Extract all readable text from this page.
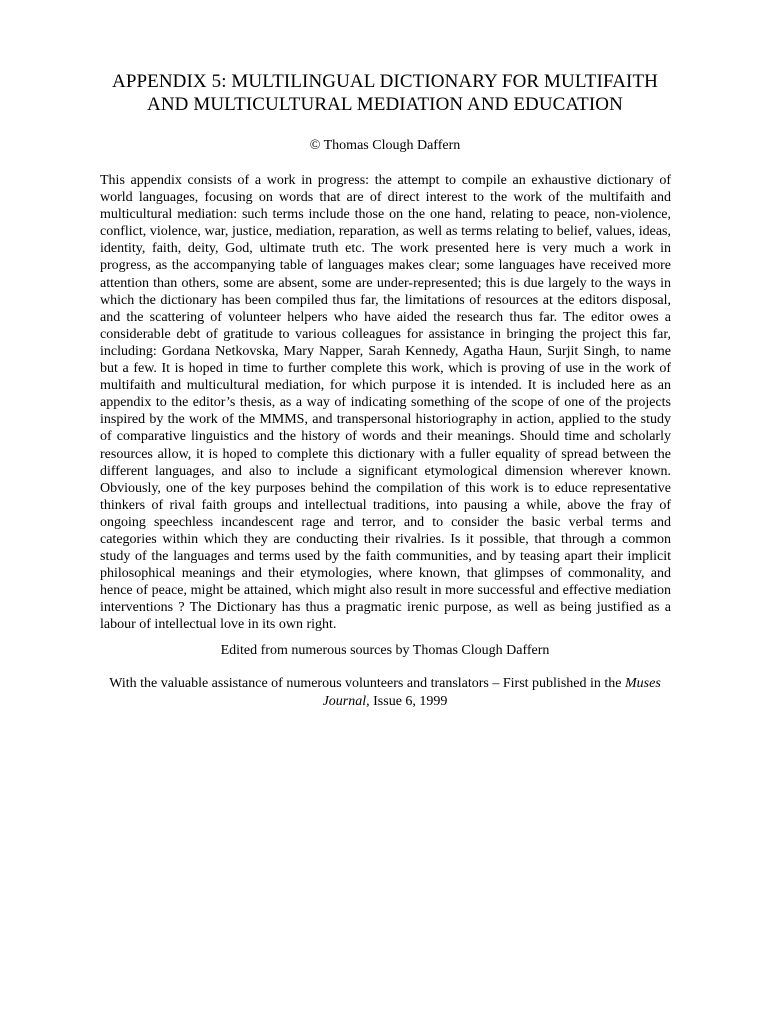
APPENDIX 5: MULTILINGUAL DICTIONARY FOR MULTIFAITH AND MULTICULTURAL MEDIATION AND EDUCATION
© Thomas Clough Daffern
This appendix consists of a work in progress: the attempt to compile an exhaustive dictionary of world languages, focusing on words that are of direct interest to the work of the multifaith and multicultural mediation: such terms include those on the one hand, relating to peace, non-violence, conflict, violence, war, justice, mediation, reparation, as well as terms relating to belief, values, ideas, identity, faith, deity, God, ultimate truth etc. The work presented here is very much a work in progress, as the accompanying table of languages makes clear; some languages have received more attention than others, some are absent, some are under-represented; this is due largely to the ways in which the dictionary has been compiled thus far, the limitations of resources at the editors disposal, and the scattering of volunteer helpers who have aided the research thus far. The editor owes a considerable debt of gratitude to various colleagues for assistance in bringing the project this far, including: Gordana Netkovska, Mary Napper, Sarah Kennedy, Agatha Haun, Surjit Singh, to name but a few. It is hoped in time to further complete this work, which is proving of use in the work of multifaith and multicultural mediation, for which purpose it is intended. It is included here as an appendix to the editor’s thesis, as a way of indicating something of the scope of one of the projects inspired by the work of the MMMS, and transpersonal historiography in action, applied to the study of comparative linguistics and the history of words and their meanings. Should time and scholarly resources allow, it is hoped to complete this dictionary with a fuller equality of spread between the different languages, and also to include a significant etymological dimension wherever known. Obviously, one of the key purposes behind the compilation of this work is to educe representative thinkers of rival faith groups and intellectual traditions, into pausing a while, above the fray of ongoing speechless incandescent rage and terror, and to consider the basic verbal terms and categories within which they are conducting their rivalries. Is it possible, that through a common study of the languages and terms used by the faith communities, and by teasing apart their implicit philosophical meanings and their etymologies, where known, that glimpses of commonality, and hence of peace, might be attained, which might also result in more successful and effective mediation interventions ? The Dictionary has thus a pragmatic irenic purpose, as well as being justified as a labour of intellectual love in its own right.
Edited from numerous sources by Thomas Clough Daffern
With the valuable assistance of numerous volunteers and translators – First published in the Muses Journal, Issue 6, 1999
